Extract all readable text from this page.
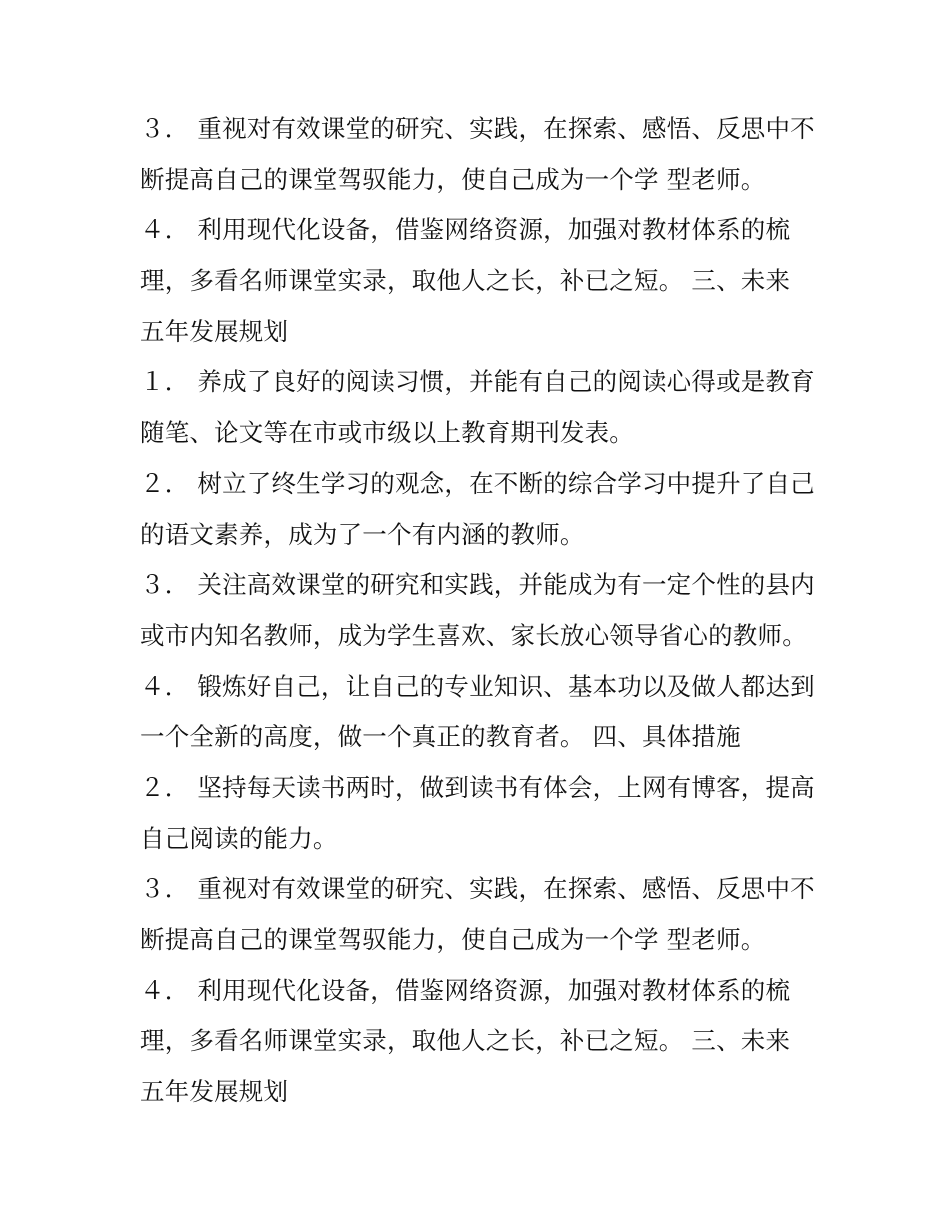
３． 重视对有效课堂的研究、实践，在探索、感悟、反思中不
断提高自己的课堂驾驭能力，使自己成为一个学 型老师。
４． 利用现代化设备，借鉴网络资源，加强对教材体系的梳
理，多看名师课堂实录，取他人之长，补已之短。 三、未来
五年发展规划
１． 养成了良好的阅读习惯，并能有自己的阅读心得或是教育
随笔、论文等在市或市级以上教育期刊发表。
２． 树立了终生学习的观念，在不断的综合学习中提升了自己
的语文素养，成为了一个有内涵的教师。
３． 关注高效课堂的研究和实践，并能成为有一定个性的县内
或市内知名教师，成为学生喜欢、家长放心领导省心的教师。
４． 锻炼好自己，让自己的专业知识、基本功以及做人都达到
一个全新的高度，做一个真正的教育者。 四、具体措施
２． 坚持每天读书两时，做到读书有体会，上网有博客，提高
自己阅读的能力。
３． 重视对有效课堂的研究、实践，在探索、感悟、反思中不
断提高自己的课堂驾驭能力，使自己成为一个学 型老师。
４． 利用现代化设备，借鉴网络资源，加强对教材体系的梳
理，多看名师课堂实录，取他人之长，补已之短。 三、未来
五年发展规划
